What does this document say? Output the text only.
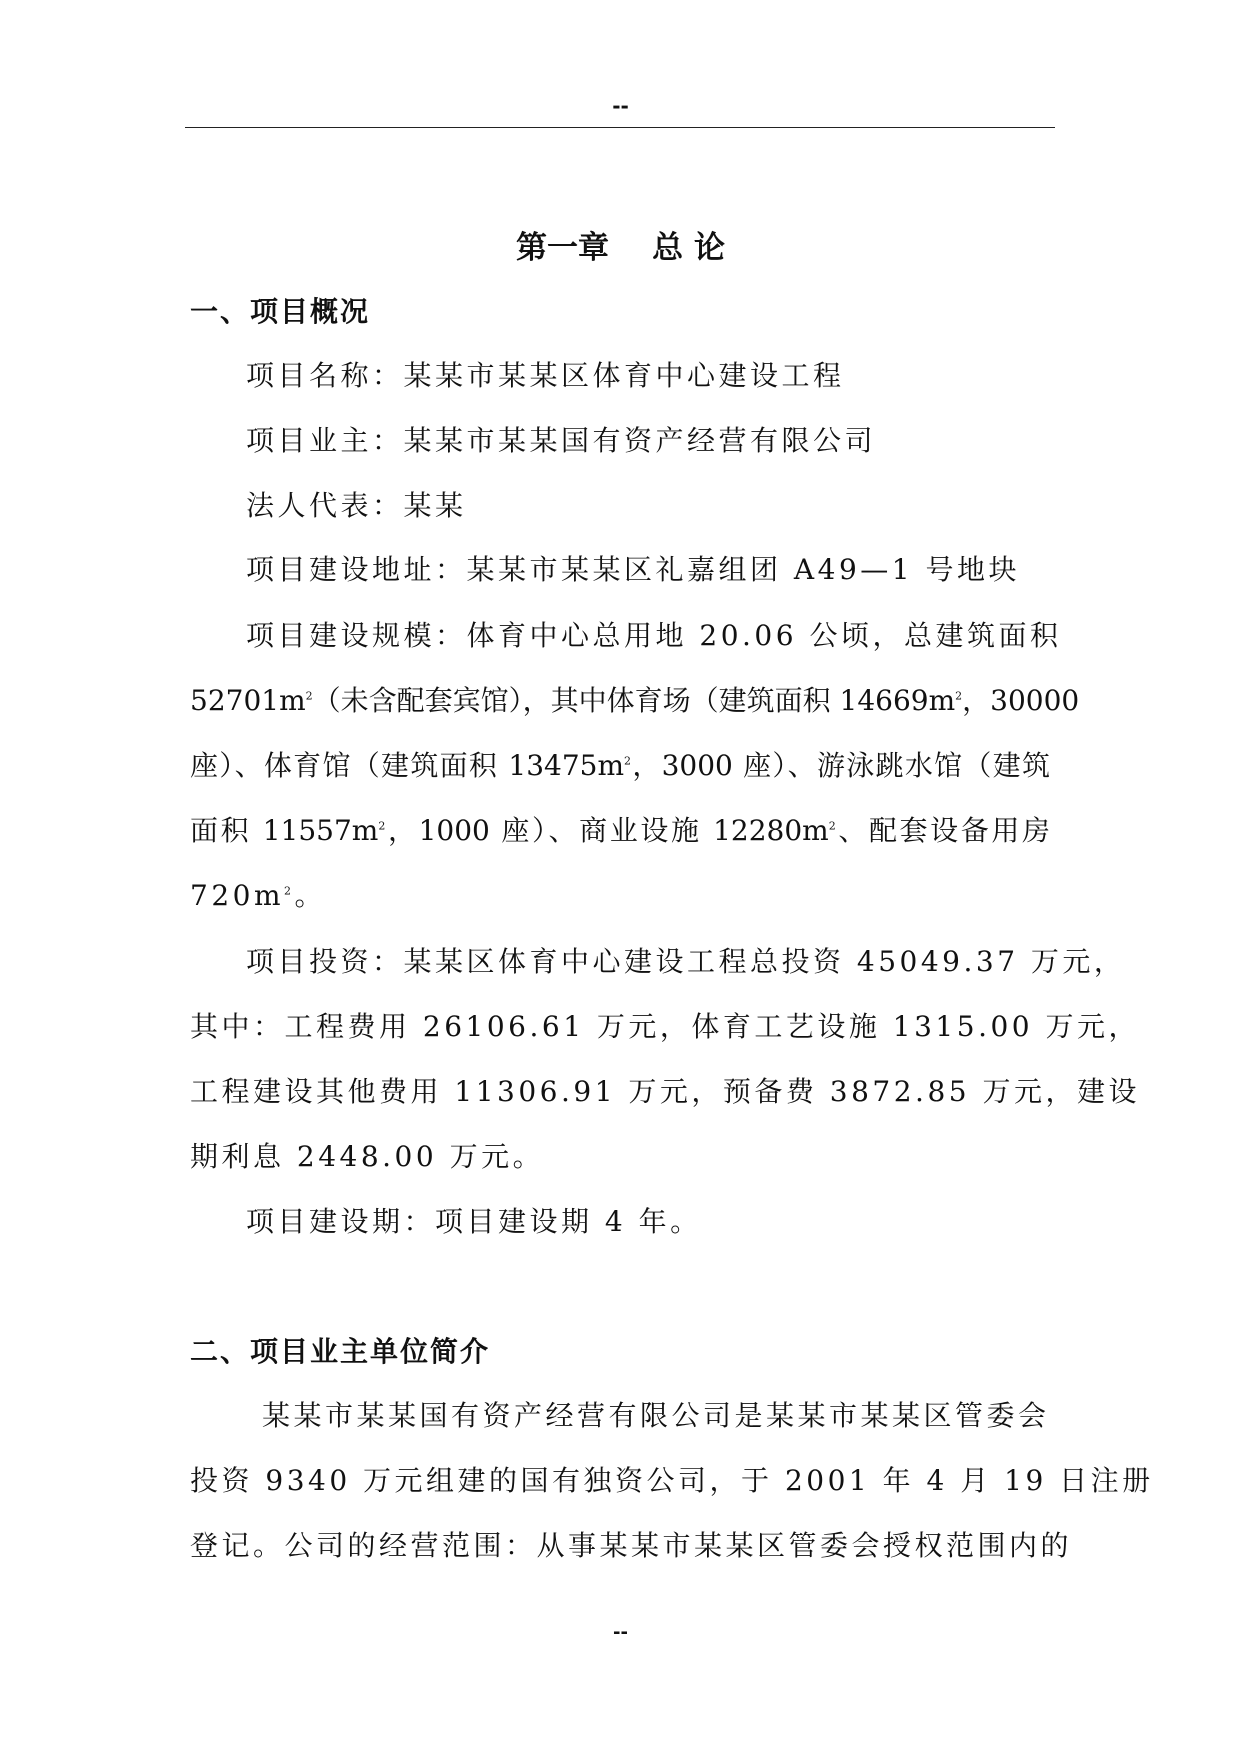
--
第一章    总 论
一、项目概况
项目名称：某某市某某区体育中心建设工程
项目业主：某某市某某国有资产经营有限公司
法人代表：某某
项目建设地址：某某市某某区礼嘉组团 A49—1 号地块
项目建设规模：体育中心总用地 20.06 公顷，总建筑面积
$52701m^2$（未含配套宾馆），其中体育场（建筑面积 $14669m^2$，30000
座）、体育馆（建筑面积 $13475m^2$，3000 座）、游泳跳水馆（建筑
面积 $11557m^2$，1000 座）、商业设施 $12280m^2$、配套设备用房
$720m^2$。
项目投资：某某区体育中心建设工程总投资 45049.37 万元，
其中：工程费用 26106.61 万元，体育工艺设施 1315.00 万元，
工程建设其他费用 11306.91 万元，预备费 3872.85 万元，建设
期利息 2448.00 万元。
项目建设期：项目建设期 4 年。
二、项目业主单位简介
某某市某某国有资产经营有限公司是某某市某某区管委会
投资 9340 万元组建的国有独资公司，于 2001 年 4 月 19 日注册
登记。公司的经营范围：从事某某市某某区管委会授权范围内的
--
